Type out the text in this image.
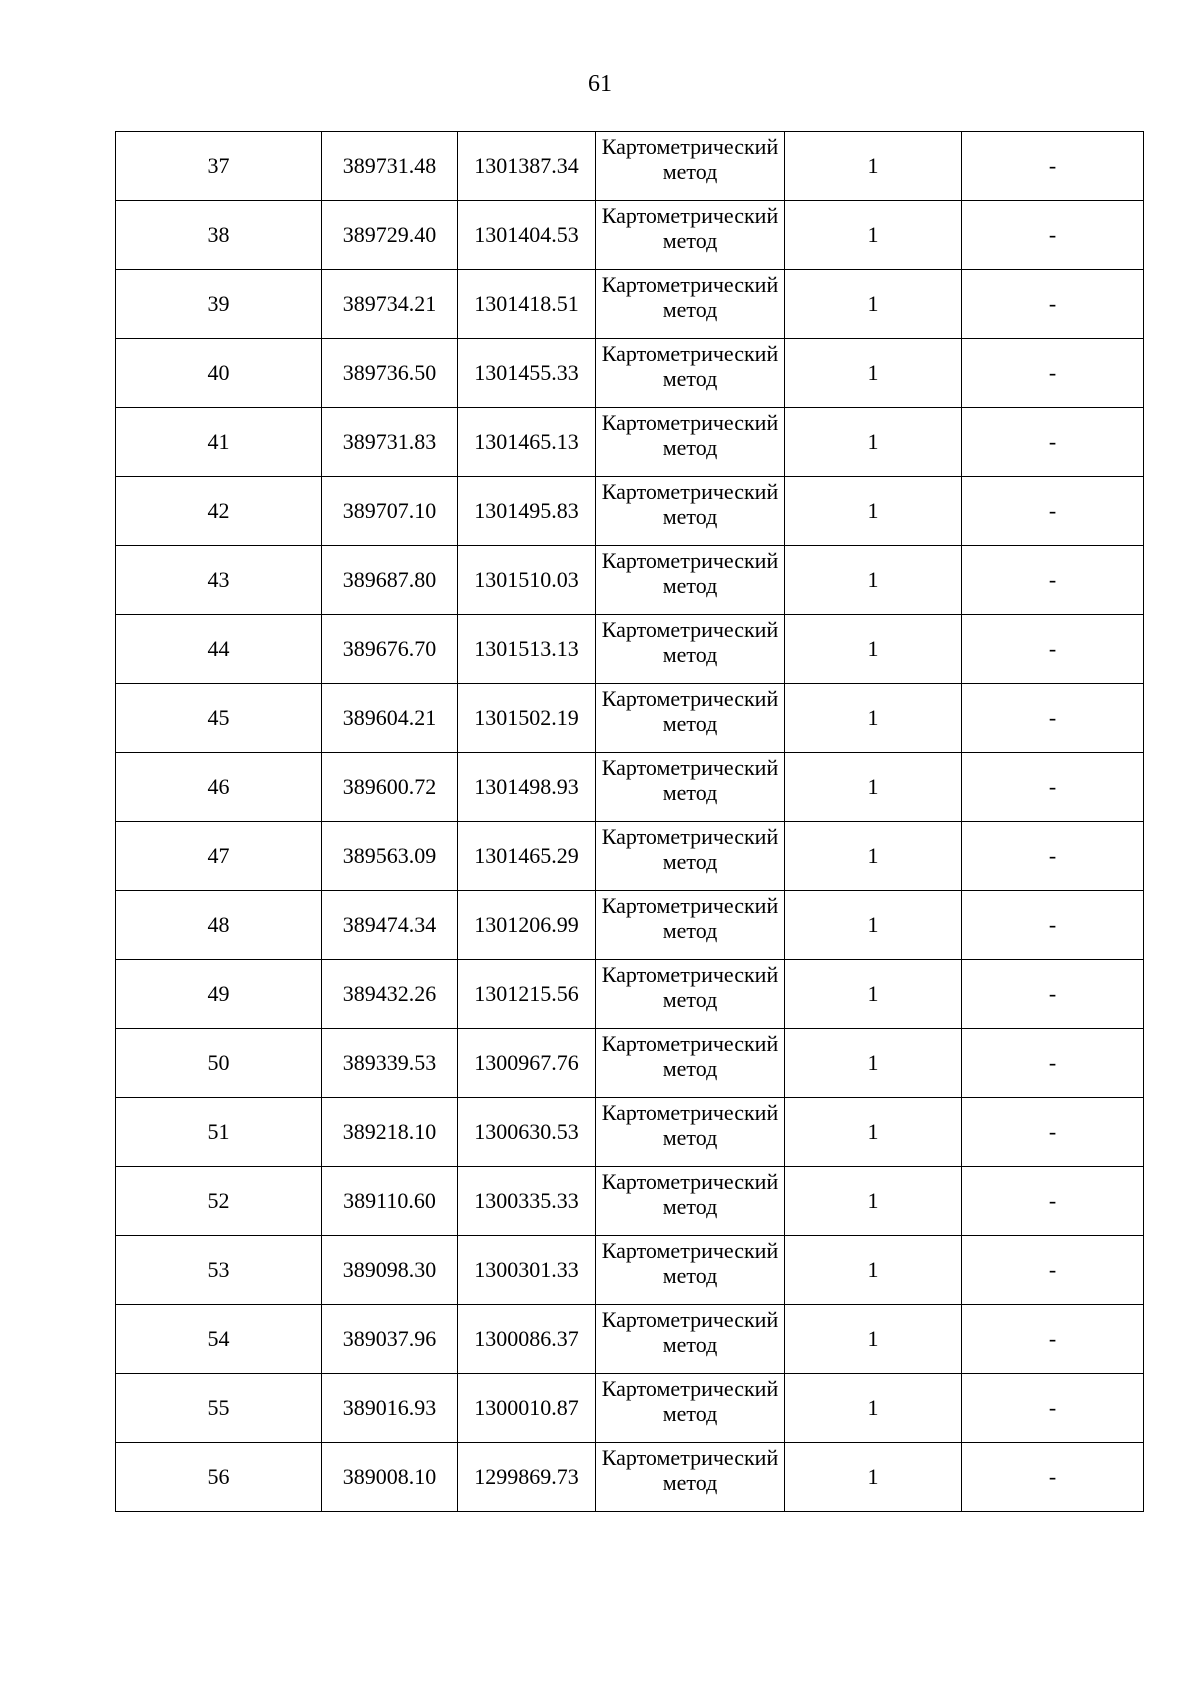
61
37	389731.48	1301387.34	Картометрический метод	1	-
38	389729.40	1301404.53	Картометрический метод	1	-
39	389734.21	1301418.51	Картометрический метод	1	-
40	389736.50	1301455.33	Картометрический метод	1	-
41	389731.83	1301465.13	Картометрический метод	1	-
42	389707.10	1301495.83	Картометрический метод	1	-
43	389687.80	1301510.03	Картометрический метод	1	-
44	389676.70	1301513.13	Картометрический метод	1	-
45	389604.21	1301502.19	Картометрический метод	1	-
46	389600.72	1301498.93	Картометрический метод	1	-
47	389563.09	1301465.29	Картометрический метод	1	-
48	389474.34	1301206.99	Картометрический метод	1	-
49	389432.26	1301215.56	Картометрический метод	1	-
50	389339.53	1300967.76	Картометрический метод	1	-
51	389218.10	1300630.53	Картометрический метод	1	-
52	389110.60	1300335.33	Картометрический метод	1	-
53	389098.30	1300301.33	Картометрический метод	1	-
54	389037.96	1300086.37	Картометрический метод	1	-
55	389016.93	1300010.87	Картометрический метод	1	-
56	389008.10	1299869.73	Картометрический метод	1	-
